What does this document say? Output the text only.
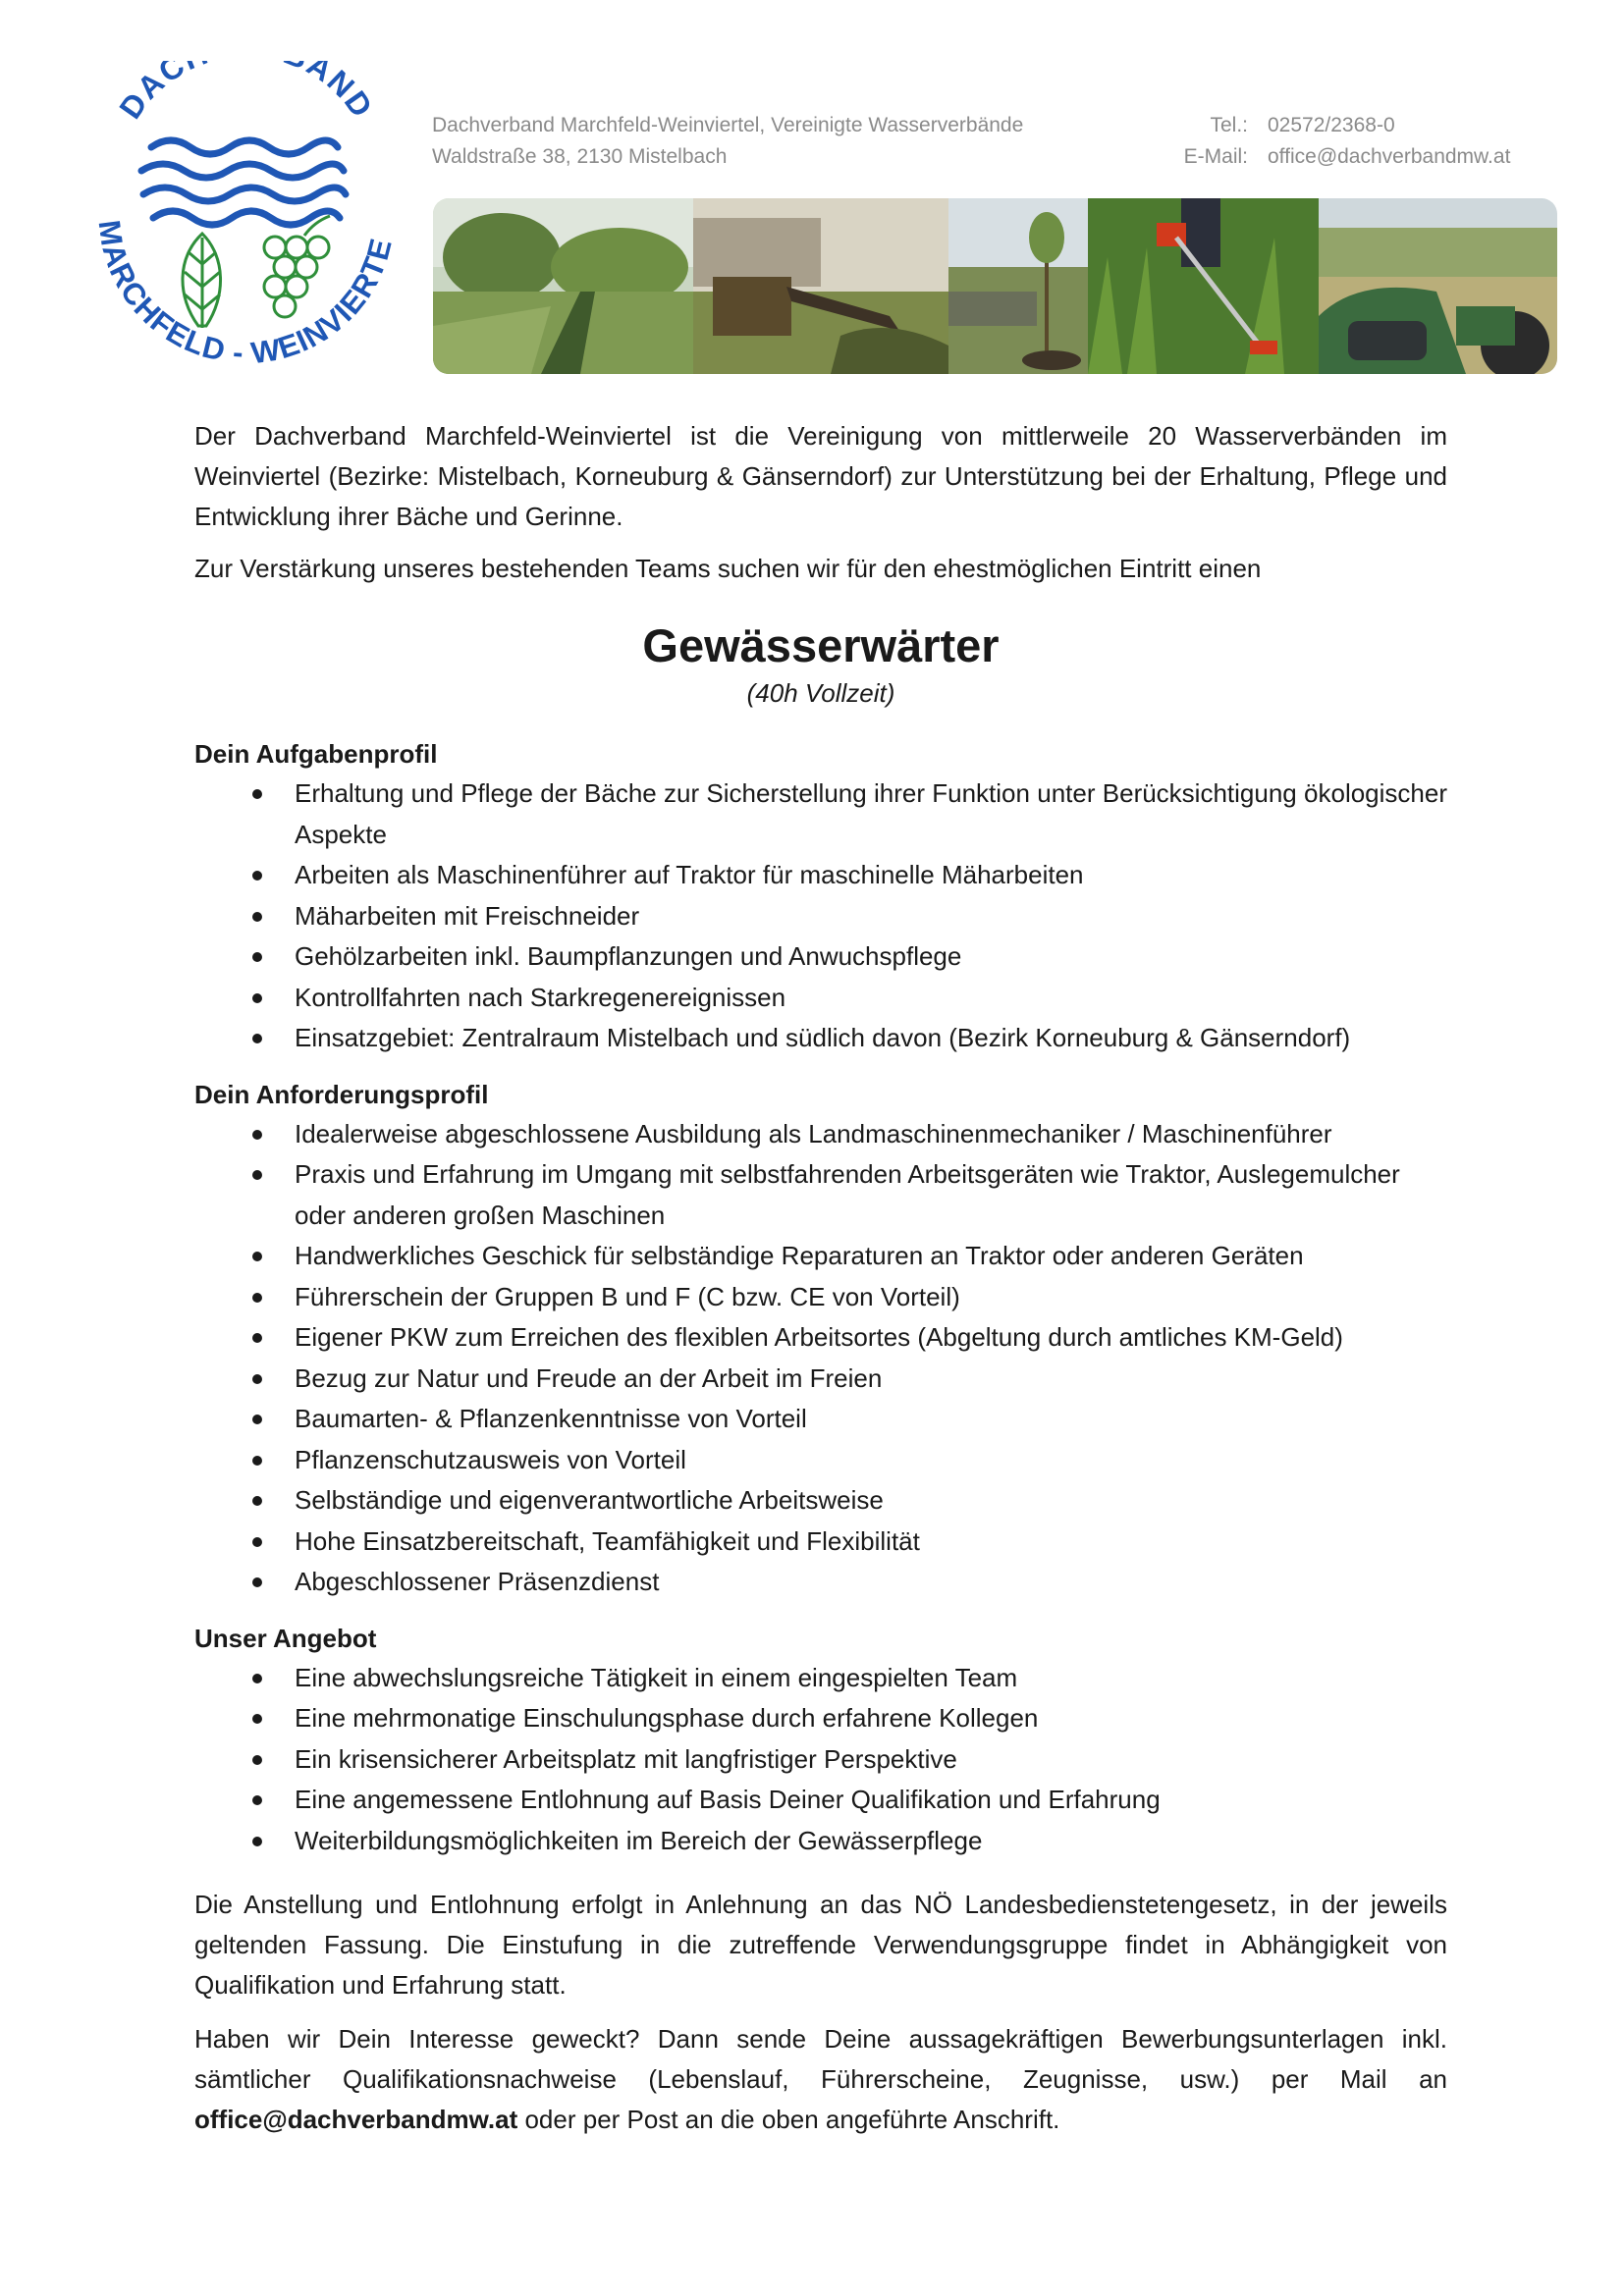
DAC AND
MARCHFELD - WEINVIERTE
Dachverband Marchfeld-Weinviertel, Vereinigte Wasserverbände	Tel.: 02572/2368-0
Waldstraße 38, 2130 Mistelbach	E-Mail: office@dachverbandmw.at

Der Dachverband Marchfeld-Weinviertel ist die Vereinigung von mittlerweile 20 Wasserverbänden im Weinviertel (Bezirke: Mistelbach, Korneuburg & Gänserndorf) zur Unterstützung bei der Erhaltung, Pflege und Entwicklung ihrer Bäche und Gerinne.

Zur Verstärkung unseres bestehenden Teams suchen wir für den ehestmöglichen Eintritt einen

Gewässerwärter
(40h Vollzeit)
Dein Aufgabenprofil
Erhaltung und Pflege der Bäche zur Sicherstellung ihrer Funktion unter Berücksichtigung ökologischer Aspekte
Arbeiten als Maschinenführer auf Traktor für maschinelle Mäharbeiten
Mäharbeiten mit Freischneider
Gehölzarbeiten inkl. Baumpflanzungen und Anwuchspflege
Kontrollfahrten nach Starkregenereignissen
Einsatzgebiet: Zentralraum Mistelbach und südlich davon (Bezirk Korneuburg & Gänserndorf)
Dein Anforderungsprofil
Idealerweise abgeschlossene Ausbildung als Landmaschinenmechaniker / Maschinenführer
Praxis und Erfahrung im Umgang mit selbstfahrenden Arbeitsgeräten wie Traktor, Auslegemulcher oder anderen großen Maschinen
Handwerkliches Geschick für selbständige Reparaturen an Traktor oder anderen Geräten
Führerschein der Gruppen B und F (C bzw. CE von Vorteil)
Eigener PKW zum Erreichen des flexiblen Arbeitsortes (Abgeltung durch amtliches KM-Geld)
Bezug zur Natur und Freude an der Arbeit im Freien
Baumarten- & Pflanzenkenntnisse von Vorteil
Pflanzenschutzausweis von Vorteil
Selbständige und eigenverantwortliche Arbeitsweise
Hohe Einsatzbereitschaft, Teamfähigkeit und Flexibilität
Abgeschlossener Präsenzdienst
Unser Angebot
Eine abwechslungsreiche Tätigkeit in einem eingespielten Team
Eine mehrmonatige Einschulungsphase durch erfahrene Kollegen
Ein krisensicherer Arbeitsplatz mit langfristiger Perspektive
Eine angemessene Entlohnung auf Basis Deiner Qualifikation und Erfahrung
Weiterbildungsmöglichkeiten im Bereich der Gewässerpflege

Die Anstellung und Entlohnung erfolgt in Anlehnung an das NÖ Landesbedienstetengesetz, in der jeweils geltenden Fassung. Die Einstufung in die zutreffende Verwendungsgruppe findet in Abhängigkeit von Qualifikation und Erfahrung statt.

Haben wir Dein Interesse geweckt? Dann sende Deine aussagekräftigen Bewerbungsunterlagen inkl. sämtlicher Qualifikationsnachweise (Lebenslauf, Führerscheine, Zeugnisse, usw.) per Mail an office@dachverbandmw.at oder per Post an die oben angeführte Anschrift.
